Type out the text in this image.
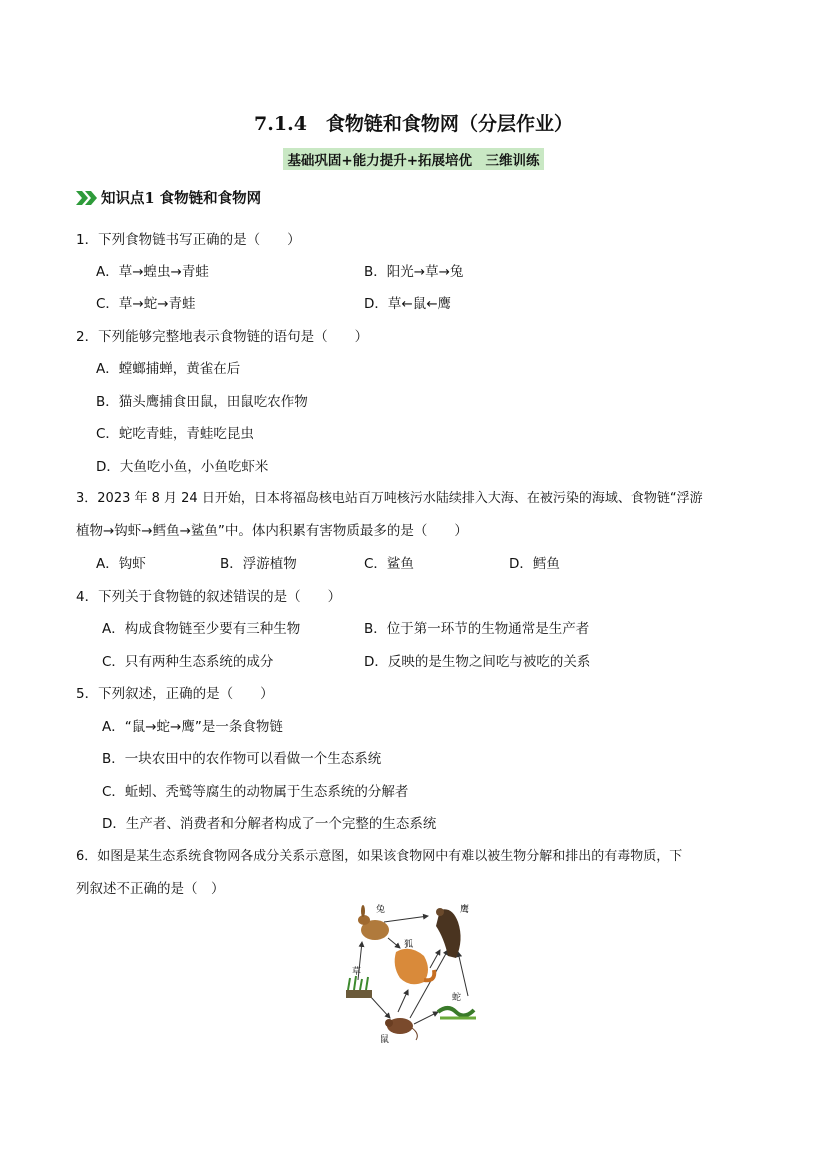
7.1.4　食物链和食物网（分层作业）
基础巩固+能力提升+拓展培优　三维训练
知识点1 食物链和食物网
1．下列食物链书写正确的是（　　）
A．草→蝗虫→青蛙	B．阳光→草→兔
C．草→蛇→青蛙	D．草←鼠←鹰
2．下列能够完整地表示食物链的语句是（　　）
A．螳螂捕蝉，黄雀在后
B．猫头鹰捕食田鼠，田鼠吃农作物
C．蛇吃青蛙，青蛙吃昆虫
D．大鱼吃小鱼，小鱼吃虾米
3．2023 年 8 月 24 日开始，日本将福岛核电站百万吨核污水陆续排入大海、在被污染的海域、食物链“浮游
植物→钩虾→鳕鱼→鲨鱼”中。体内积累有害物质最多的是（　　）
A．钩虾	B．浮游植物	C．鲨鱼	D．鳕鱼
4．下列关于食物链的叙述错误的是（　　）
A．构成食物链至少要有三种生物	B．位于第一环节的生物通常是生产者
C．只有两种生态系统的成分	D．反映的是生物之间吃与被吃的关系
5．下列叙述，正确的是（　　）
A．“鼠→蛇→鹰”是一条食物链
B．一块农田中的农作物可以看做一个生态系统
C．蚯蚓、秃鹫等腐生的动物属于生态系统的分解者
D．生产者、消费者和分解者构成了一个完整的生态系统
6．如图是某生态系统食物网各成分关系示意图，如果该食物网中有难以被生物分解和排出的有毒物质，下
列叙述不正确的是（　）
兔	鹰
狐
草
鼠
蛇
